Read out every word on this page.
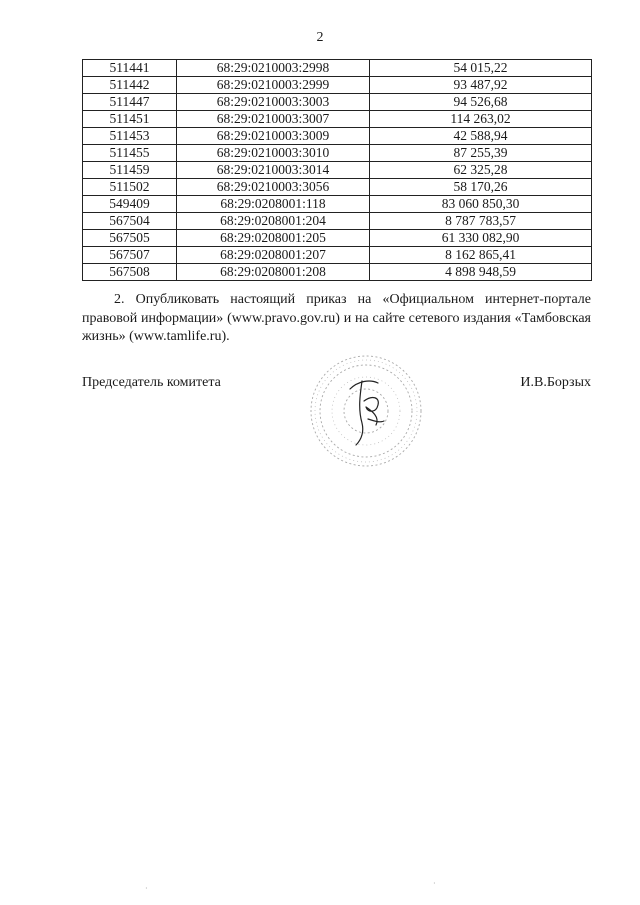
2
511441	68:29:0210003:2998	54 015,22
511442	68:29:0210003:2999	93 487,92
511447	68:29:0210003:3003	94 526,68
511451	68:29:0210003:3007	114 263,02
511453	68:29:0210003:3009	42 588,94
511455	68:29:0210003:3010	87 255,39
511459	68:29:0210003:3014	62 325,28
511502	68:29:0210003:3056	58 170,26
549409	68:29:0208001:118	83 060 850,30
567504	68:29:0208001:204	8 787 783,57
567505	68:29:0208001:205	61 330 082,90
567507	68:29:0208001:207	8 162 865,41
567508	68:29:0208001:208	4 898 948,59
2. Опубликовать настоящий приказ на «Официальном интернет-портале правовой информации» (www.pravo.gov.ru) и на сайте сетевого издания «Тамбовская жизнь» (www.tamlife.ru).
Председатель комитета	И.В.Борзых
·
·
